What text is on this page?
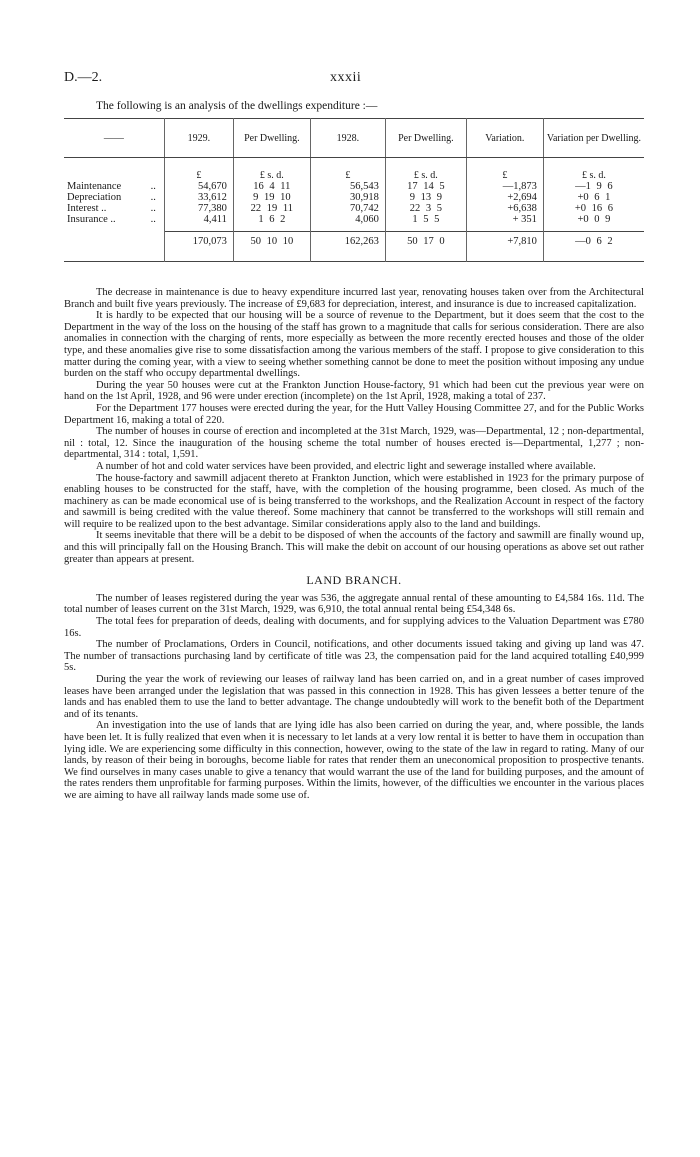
D.—2.	xxxii
The following is an analysis of the dwellings expenditure :—
——		1929.	Per Dwelling.	1928.	Per Dwelling.	Variation.	Variation per Dwelling.
		£	£ s. d.	£	£ s. d.	£	£ s. d.
Maintenance	..	54,670	16 4 11	56,543	17 14 5	—1,873	—1 9 6
Depreciation	..	33,612	9 19 10	30,918	9 13 9	+2,694	+0 6 1
Interest ..	..	77,380	22 19 11	70,742	22 3 5	+6,638	+0 16 6
Insurance ..	..	4,411	1 6 2	4,060	1 5 5	+ 351	+0 0 9
		170,073	50 10 10	162,263	50 17 0	+7,810	—0 6 2

The decrease in maintenance is due to heavy expenditure incurred last year, renovating houses taken over from the Architectural Branch and built five years previously. The increase of £9,683 for depreciation, interest, and insurance is due to increased capitalization.

It is hardly to be expected that our housing will be a source of revenue to the Department, but it does seem that the cost to the Department in the way of the loss on the housing of the staff has grown to a magnitude that calls for serious consideration. There are also anomalies in connection with the charging of rents, more especially as between the more recently erected houses and those of the older type, and these anomalies give rise to some dissatisfaction among the various members of the staff. I propose to give consideration to this matter during the coming year, with a view to seeing whether something cannot be done to meet the position without imposing any undue burden on the staff who occupy departmental dwellings.

During the year 50 houses were cut at the Frankton Junction House-factory, 91 which had been cut the previous year were on hand on the 1st April, 1928, and 96 were under erection (incomplete) on the 1st April, 1928, making a total of 237.

For the Department 177 houses were erected during the year, for the Hutt Valley Housing Committee 27, and for the Public Works Department 16, making a total of 220.

The number of houses in course of erection and incompleted at the 31st March, 1929, was—Departmental, 12 ; non-departmental, nil : total, 12. Since the inauguration of the housing scheme the total number of houses erected is—Departmental, 1,277 ; non-departmental, 314 : total, 1,591.

A number of hot and cold water services have been provided, and electric light and sewerage installed where available.

The house-factory and sawmill adjacent thereto at Frankton Junction, which were established in 1923 for the primary purpose of enabling houses to be constructed for the staff, have, with the completion of the housing programme, been closed. As much of the machinery as can be made economical use of is being transferred to the workshops, and the Realization Account in respect of the factory and sawmill is being credited with the value thereof. Some machinery that cannot be transferred to the workshops will still remain and will require to be realized upon to the best advantage. Similar considerations apply also to the land and buildings.

It seems inevitable that there will be a debit to be disposed of when the accounts of the factory and sawmill are finally wound up, and this will principally fall on the Housing Branch. This will make the debit on account of our housing operations as above set out rather greater than appears at present.

LAND BRANCH.

The number of leases registered during the year was 536, the aggregate annual rental of these amounting to £4,584 16s. 11d. The total number of leases current on the 31st March, 1929, was 6,910, the total annual rental being £54,348 6s.

The total fees for preparation of deeds, dealing with documents, and for supplying advices to the Valuation Department was £780 16s.

The number of Proclamations, Orders in Council, notifications, and other documents issued taking and giving up land was 47. The number of transactions purchasing land by certificate of title was 23, the compensation paid for the land acquired totalling £40,999 5s.

During the year the work of reviewing our leases of railway land has been carried on, and in a great number of cases improved leases have been arranged under the legislation that was passed in this connection in 1928. This has given lessees a better tenure of the lands and has enabled them to use the land to better advantage. The change undoubtedly will work to the benefit both of the Department and of its tenants.

An investigation into the use of lands that are lying idle has also been carried on during the year, and, where possible, the lands have been let. It is fully realized that even when it is necessary to let lands at a very low rental it is better to have them in occupation than lying idle. We are experiencing some difficulty in this connection, however, owing to the state of the law in regard to rating. Many of our lands, by reason of their being in boroughs, become liable for rates that render them an uneconomical proposition to prospective tenants. We find ourselves in many cases unable to give a tenancy that would warrant the use of the land for building purposes, and the amount of the rates renders them unprofitable for farming purposes. Within the limits, however, of the difficulties we encounter in the various places we are aiming to have all railway lands made some use of.
